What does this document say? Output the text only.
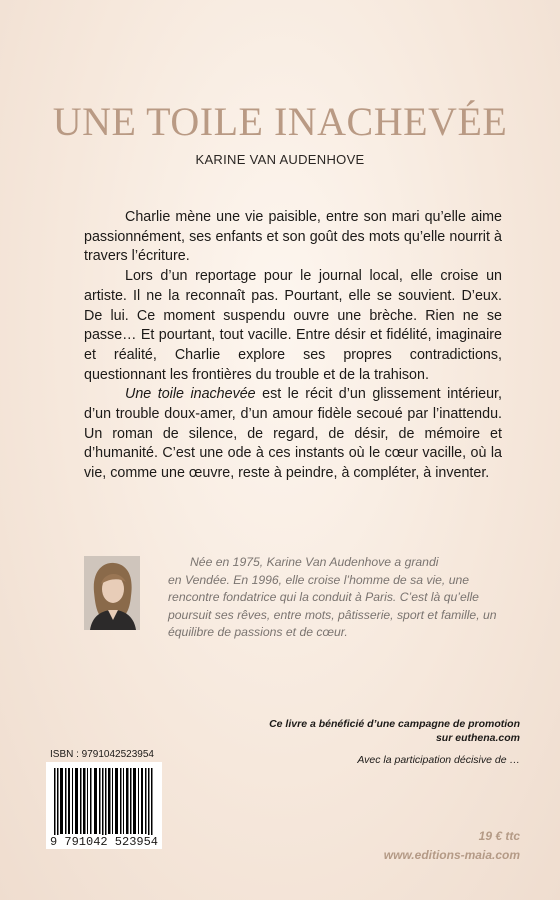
UNE TOILE INACHEVÉE
KARINE VAN AUDENHOVE

Charlie mène une vie paisible, entre son mari qu’elle aime passionnément, ses enfants et son goût des mots qu’elle nourrit à travers l’écriture.

Lors d’un reportage pour le journal local, elle croise un artiste. Il ne la reconnaît pas. Pourtant, elle se souvient. D’eux. De lui. Ce moment suspendu ouvre une brèche. Rien ne se passe… Et pourtant, tout vacille. Entre désir et fidélité, imaginaire et réalité, Charlie explore ses propres contradictions, questionnant les frontières du trouble et de la trahison.

Une toile inachevée est le récit d’un glissement intérieur, d’un trouble doux-amer, d’un amour fidèle secoué par l’inattendu. Un roman de silence, de regard, de désir, de mémoire et d’humanité. C’est une ode à ces instants où le cœur vacille, où la vie, comme une œuvre, reste à peindre, à compléter, à inventer.

Née en 1975, Karine Van Audenhove a grandi
en Vendée. En 1996, elle croise l’homme de sa vie, une
rencontre fondatrice qui la conduit à Paris. C’est là qu’elle
poursuit ses rêves, entre mots, pâtisserie, sport et famille, un
équilibre de passions et de cœur.
Ce livre a bénéficié d’une campagne de promotion
sur euthena.com
Avec la participation décisive de …
ISBN : 9791042523954
9 791042 523954	19 € ttc
www.editions-maia.com
